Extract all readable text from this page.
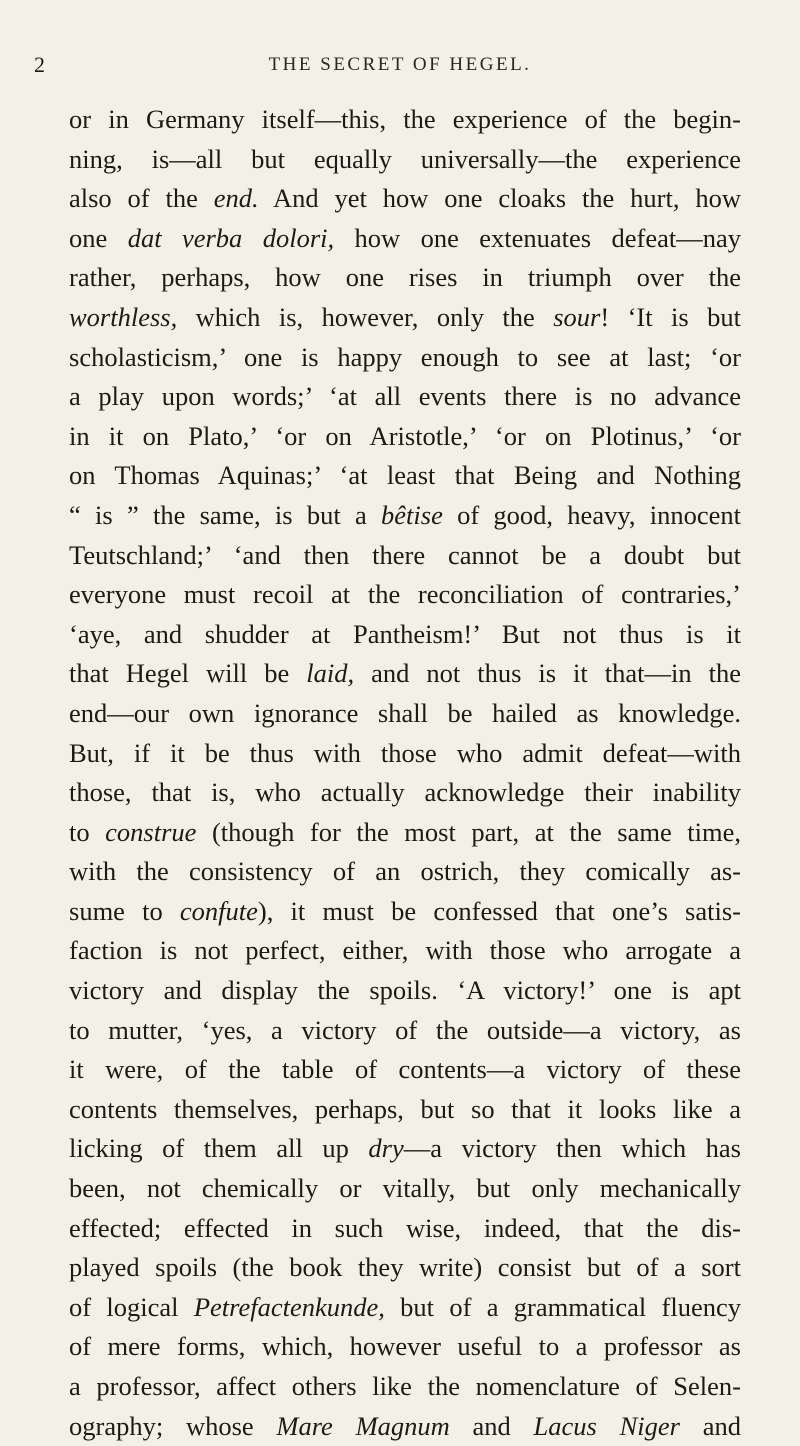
2	THE SECRET OF HEGEL.
or in Germany itself—this, the experience of the begin-
ning, is—all but equally universally—the experience
also of the end. And yet how one cloaks the hurt, how
one dat verba dolori, how one extenuates defeat—nay
rather, perhaps, how one rises in triumph over the
worthless, which is, however, only the sour! ‘It is but
scholasticism,’ one is happy enough to see at last; ‘or
a play upon words;’ ‘at all events there is no advance
in it on Plato,’ ‘or on Aristotle,’ ‘or on Plotinus,’ ‘or
on Thomas Aquinas;’ ‘at least that Being and Nothing
“ is ” the same, is but a bêtise of good, heavy, innocent
Teutschland;’ ‘and then there cannot be a doubt but
everyone must recoil at the reconciliation of contraries,’
‘aye, and shudder at Pantheism!’ But not thus is it
that Hegel will be laid, and not thus is it that—in the
end—our own ignorance shall be hailed as knowledge.
But, if it be thus with those who admit defeat—with
those, that is, who actually acknowledge their inability
to construe (though for the most part, at the same time,
with the consistency of an ostrich, they comically as-
sume to confute), it must be confessed that one’s satis-
faction is not perfect, either, with those who arrogate a
victory and display the spoils. ‘A victory!’ one is apt
to mutter, ‘yes, a victory of the outside—a victory, as
it were, of the table of contents—a victory of these
contents themselves, perhaps, but so that it looks like a
licking of them all up dry—a victory then which has
been, not chemically or vitally, but only mechanically
effected; effected in such wise, indeed, that the dis-
played spoils (the book they write) consist but of a sort
of logical Petrefactenkunde, but of a grammatical fluency
of mere forms, which, however useful to a professor as
a professor, affect others like the nomenclature of Selen-
ography; whose Mare Magnum and Lacus Niger and
